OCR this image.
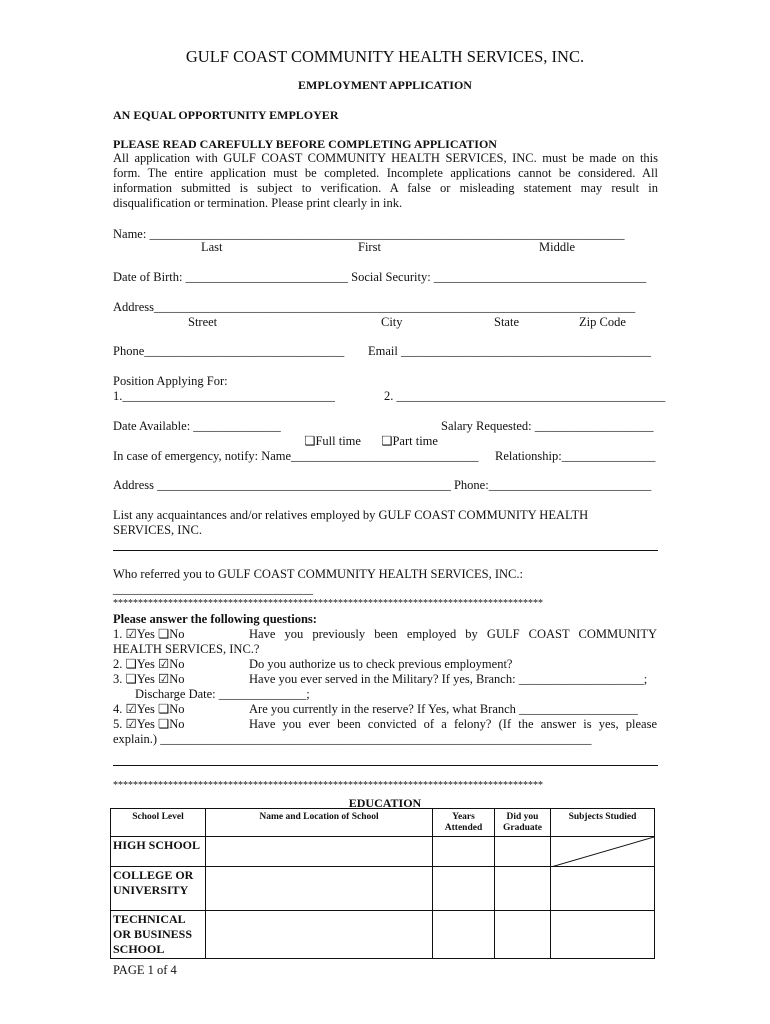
GULF COAST COMMUNITY HEALTH SERVICES, INC.
EMPLOYMENT APPLICATION
AN EQUAL OPPORTUNITY EMPLOYER
PLEASE READ CAREFULLY BEFORE COMPLETING APPLICATION
All application with GULF COAST COMMUNITY HEALTH SERVICES, INC. must be made on this
form. The entire application must be completed. Incomplete applications cannot be considered. All
information submitted is subject to verification. A false or misleading statement may result in
disqualification or termination. Please print clearly in ink.
Name: ____________________________________________________________________________
Last	First	Middle
Date of Birth: __________________________ Social Security: __________________________________
Address_____________________________________________________________________________
Street	City	State	Zip Code
Phone________________________________ Email ________________________________________
Position Applying For:
1.__________________________________	2. ___________________________________________
Date Available: ______________

❏Full time	❏Part time

Salary Requested: ___________________
In case of emergency, notify: Name______________________________ Relationship:_______________
Address _______________________________________________ Phone:__________________________
List any acquaintances and/or relatives employed by GULF COAST COMMUNITY HEALTH
SERVICES, INC.
Who referred you to GULF COAST COMMUNITY HEALTH SERVICES, INC.:
________________________________
**************************************************************************************
Please answer the following questions:
1. ☑Yes ❏No	Have you previously been employed by GULF COAST COMMUNITY
HEALTH SERVICES, INC.?
2. ❏Yes ☑No	Do you authorize us to check previous employment?
3. ❏Yes ☑No	Have you ever served in the Military? If yes, Branch: ____________________;
Discharge Date: ______________;
4. ☑Yes ❏No	Are you currently in the reserve? If Yes, what Branch ___________________
5. ☑Yes ❏No	Have you ever been convicted of a felony? (If the answer is yes, please
explain.) _____________________________________________________________________
**************************************************************************************
EDUCATION
School Level	Name and Location of School	Years Attended	Did you Graduate	Subjects Studied
HIGH SCHOOL				

COLLEGE OR UNIVERSITY				
TECHNICAL OR BUSINESS SCHOOL				
PAGE 1 of 4
